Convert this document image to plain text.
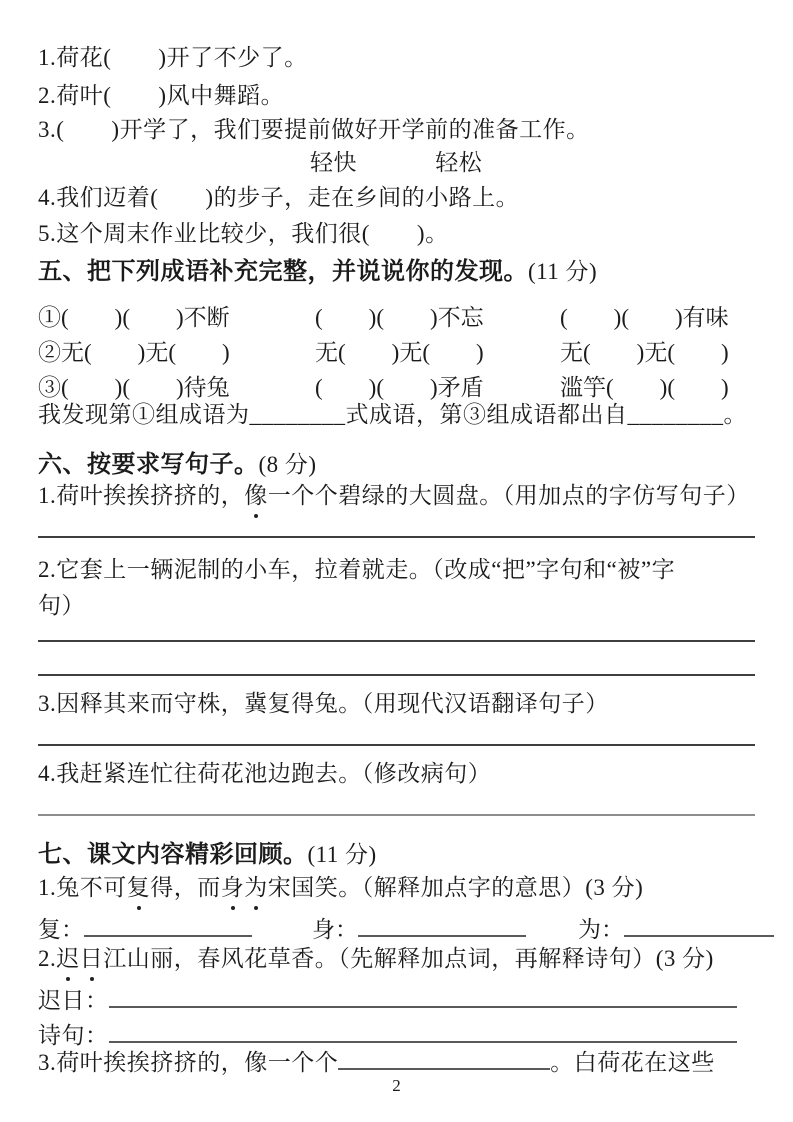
1.荷花(　　)开了不少了。
2.荷叶(　　)风中舞蹈。
3.(　　)开学了，我们要提前做好开学前的准备工作。
轻快	轻松
4.我们迈着(　　)的步子，走在乡间的小路上。
5.这个周末作业比较少，我们很(　　)。
五、把下列成语补充完整，并说说你的发现。(11 分)
①(　　)(　　)不断	(　　)(　　)不忘	(　　)(　　)有味
②无(　　)无(　　)	无(　　)无(　　)	无(　　)无(　　)
③(　　)(　　)待兔	(　　)(　　)矛盾	滥竽(　　)(　　)
我发现第①组成语为________式成语，第③组成语都出自________。
六、按要求写句子。(8 分)
1.荷叶挨挨挤挤的，像一个个碧绿的大圆盘。（用加点的字仿写句子）
2.它套上一辆泥制的小车，拉着就走。（改成“把”字句和“被”字
句）
3.因释其来而守株，冀复得兔。（用现代汉语翻译句子）
4.我赶紧连忙往荷花池边跑去。（修改病句）
七、课文内容精彩回顾。(11 分)
1.兔不可复得，而身为宋国笑。（解释加点字的意思）(3 分)
复：	身：	为：
2.迟日江山丽，春风花草香。（先解释加点词，再解释诗句）(3 分)
迟日：
诗句：
3.荷叶挨挨挤挤的，像一个个	。白荷花在这些
2
